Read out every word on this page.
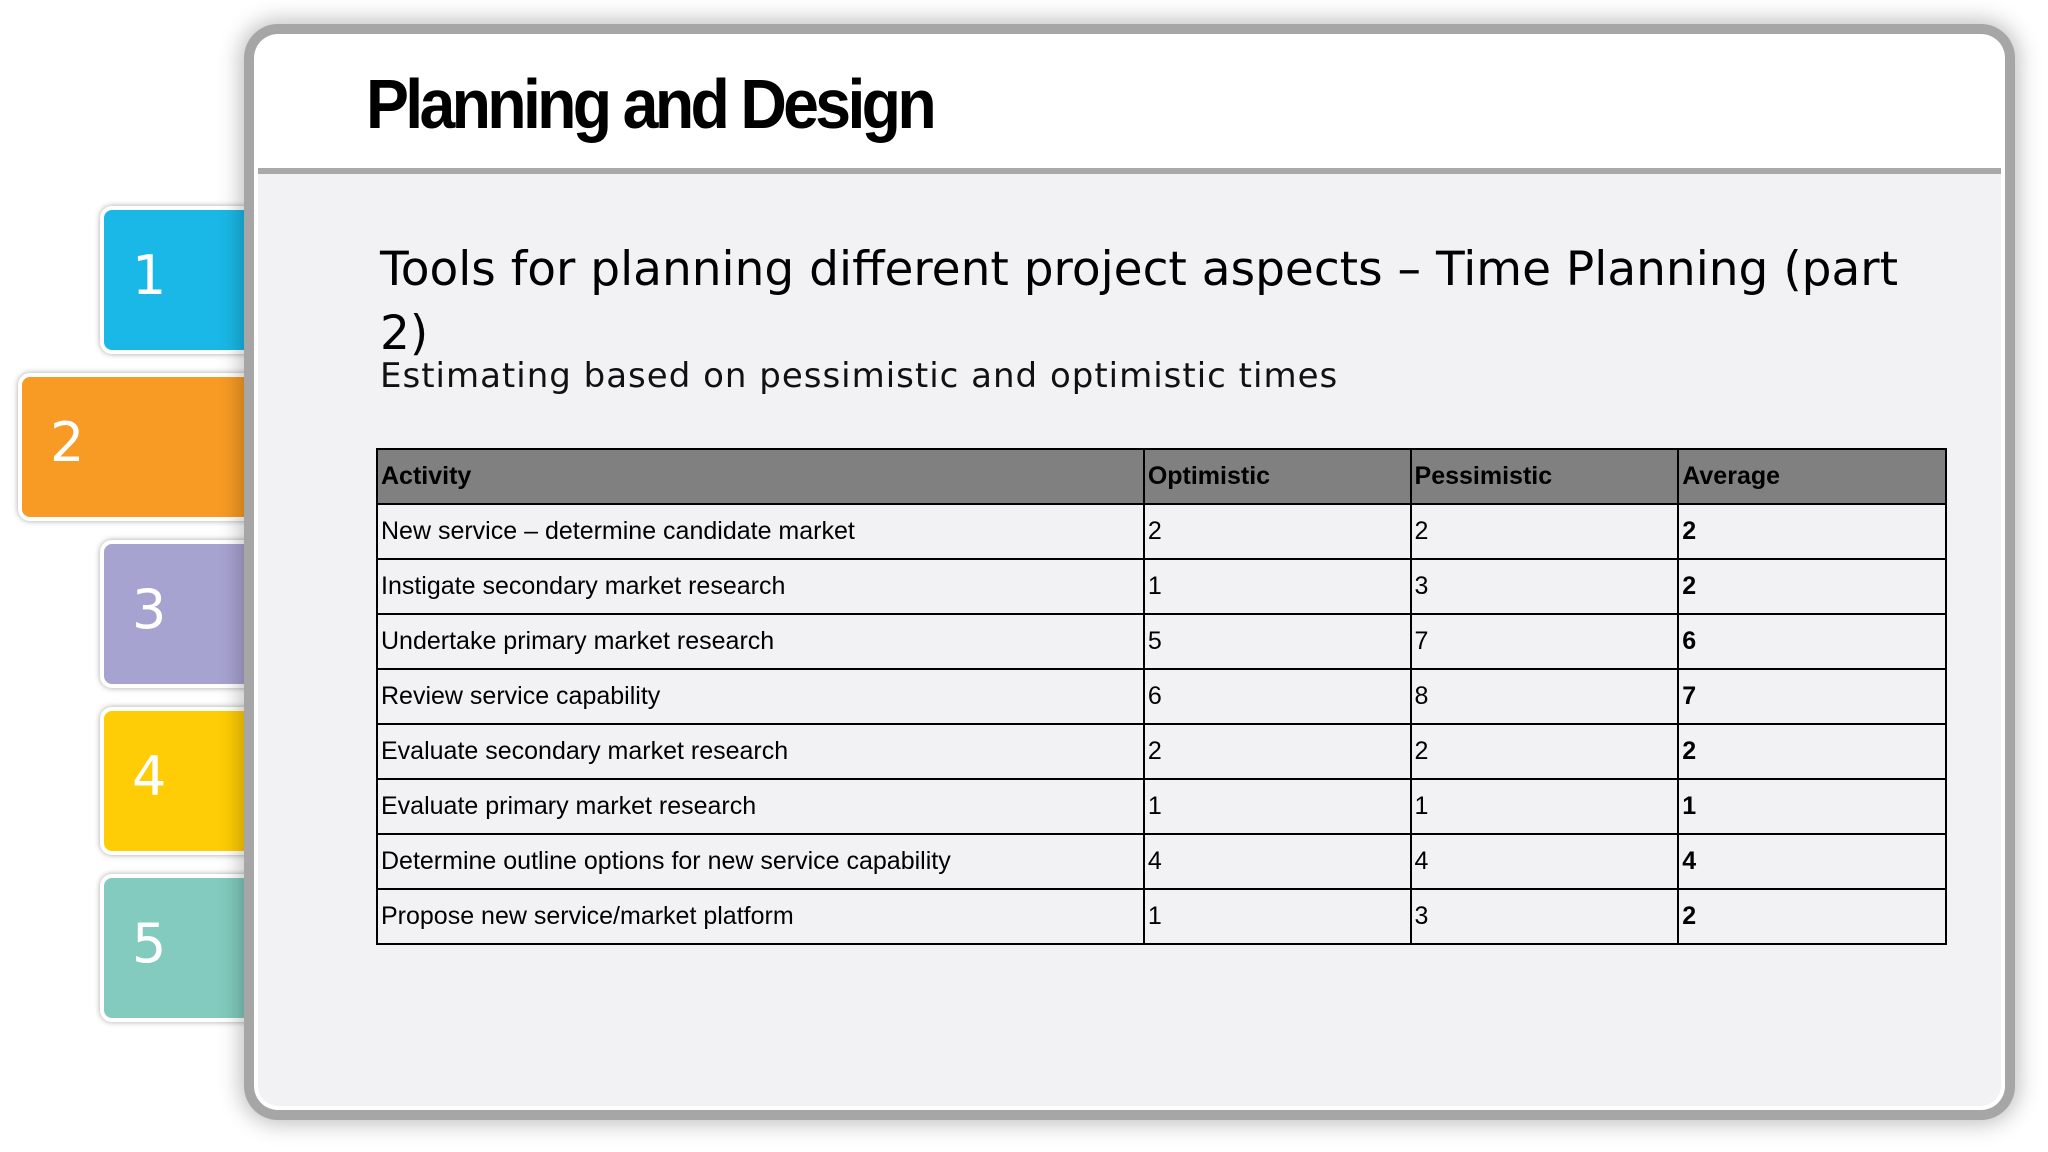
1
2
3
4
5
Planning and Design
Tools for planning different project aspects – Time Planning (part 2)
Estimating based on pessimistic and optimistic times
Activity	Optimistic	Pessimistic	Average
New service – determine candidate market	2	2	2
Instigate secondary market research	1	3	2
Undertake primary market research	5	7	6
Review service capability	6	8	7
Evaluate secondary market research	2	2	2
Evaluate primary market research	1	1	1
Determine outline options for new service capability	4	4	4
Propose new service/market platform	1	3	2
